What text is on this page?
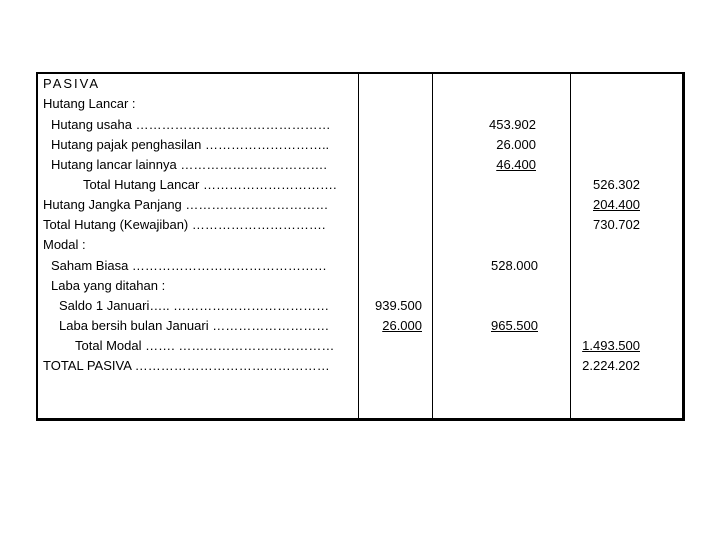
PASIVA
Hutang Lancar :
Hutang usaha ………………………………………
Hutang pajak penghasilan ………………………..
Hutang lancar lainnya …………………………….
Total Hutang Lancar ………………………….
Hutang Jangka Panjang ……………………………
Total Hutang (Kewajiban) ………………………….
Modal :
Saham Biasa ………………………………………
Laba yang ditahan :
Saldo 1 Januari….. ………………………………
Laba bersih bulan Januari ………………………
Total Modal ……. ………………………………
TOTAL PASIVA ………………………………………
939.500
26.000
453.902
26.000
46.400
528.000
965.500
526.302
204.400
730.702
1.493.500
2.224.202
